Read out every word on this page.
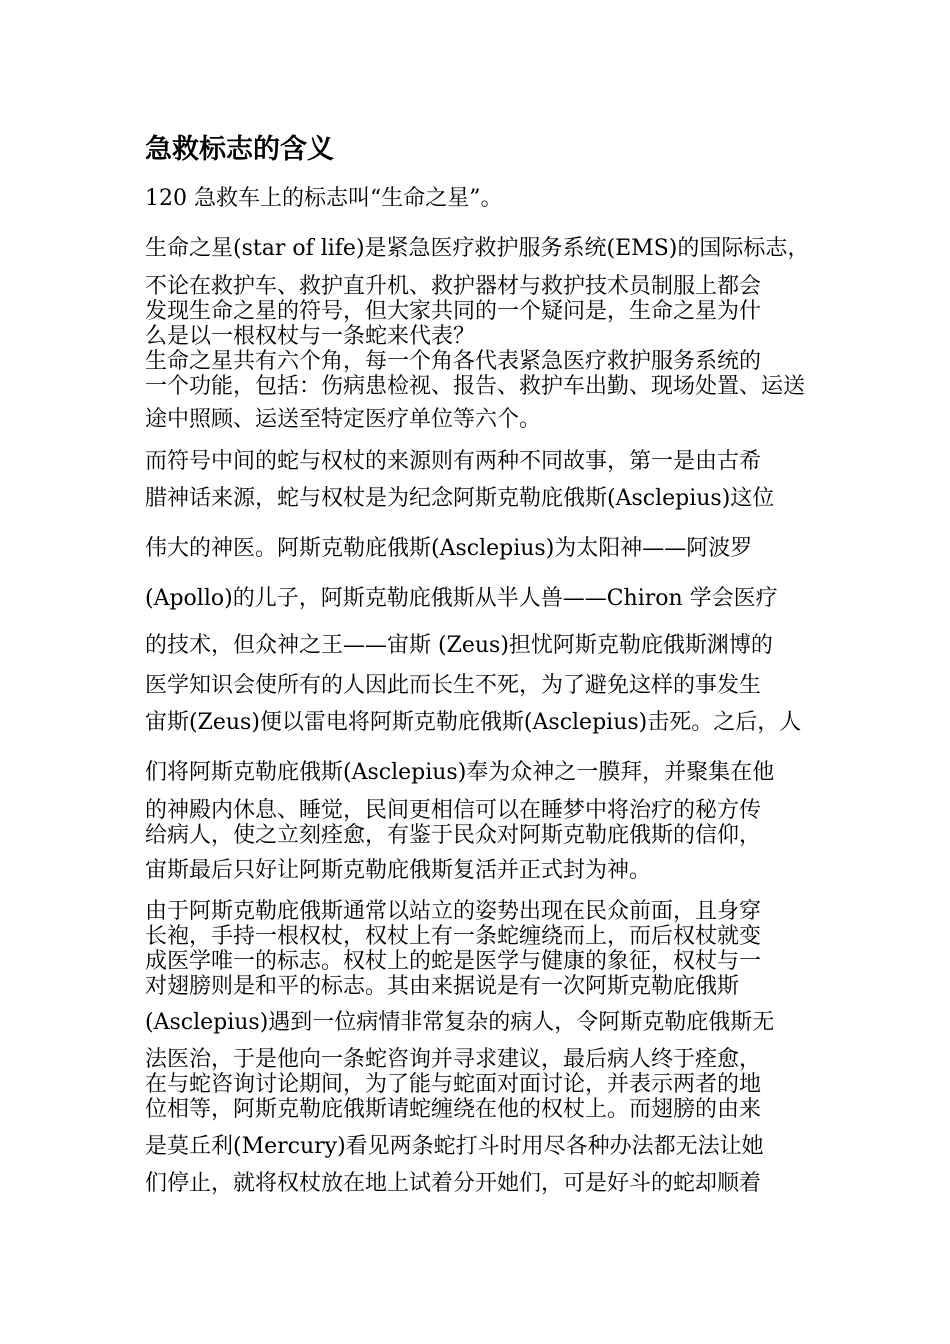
急救标志的含义

120 急救车上的标志叫“生命之星”。

生命之星(star of life)是紧急医疗救护服务系统(EMS)的国际标志，

不论在救护车、救护直升机、救护器材与救护技术员制服上都会

发现生命之星的符号，但大家共同的一个疑问是，生命之星为什

么是以一根权杖与一条蛇来代表？

生命之星共有六个角，每一个角各代表紧急医疗救护服务系统的

一个功能，包括：伤病患检视、报告、救护车出勤、现场处置、运送

途中照顾、运送至特定医疗单位等六个。

而符号中间的蛇与权杖的来源则有两种不同故事，第一是由古希

腊神话来源，蛇与权杖是为纪念阿斯克勒庇俄斯(Asclepius)这位

伟大的神医。阿斯克勒庇俄斯(Asclepius)为太阳神——阿波罗

(Apollo)的儿子，阿斯克勒庇俄斯从半人兽——Chiron 学会医疗

的技术，但众神之王——宙斯 (Zeus)担忧阿斯克勒庇俄斯渊博的

医学知识会使所有的人因此而长生不死，为了避免这样的事发生

宙斯(Zeus)便以雷电将阿斯克勒庇俄斯(Asclepius)击死。之后，人

们将阿斯克勒庇俄斯(Asclepius)奉为众神之一膜拜，并聚集在他

的神殿内休息、睡觉，民间更相信可以在睡梦中将治疗的秘方传

给病人，使之立刻痊愈，有鉴于民众对阿斯克勒庇俄斯的信仰，

宙斯最后只好让阿斯克勒庇俄斯复活并正式封为神。

由于阿斯克勒庇俄斯通常以站立的姿势出现在民众前面，且身穿

长袍，手持一根权杖，权杖上有一条蛇缠绕而上，而后权杖就变

成医学唯一的标志。权杖上的蛇是医学与健康的象征，权杖与一

对翅膀则是和平的标志。其由来据说是有一次阿斯克勒庇俄斯

(Asclepius)遇到一位病情非常复杂的病人，令阿斯克勒庇俄斯无

法医治，于是他向一条蛇咨询并寻求建议，最后病人终于痊愈，

在与蛇咨询讨论期间，为了能与蛇面对面讨论，并表示两者的地

位相等，阿斯克勒庇俄斯请蛇缠绕在他的权杖上。而翅膀的由来

是莫丘利(Mercury)看见两条蛇打斗时用尽各种办法都无法让她

们停止，就将权杖放在地上试着分开她们，可是好斗的蛇却顺着
